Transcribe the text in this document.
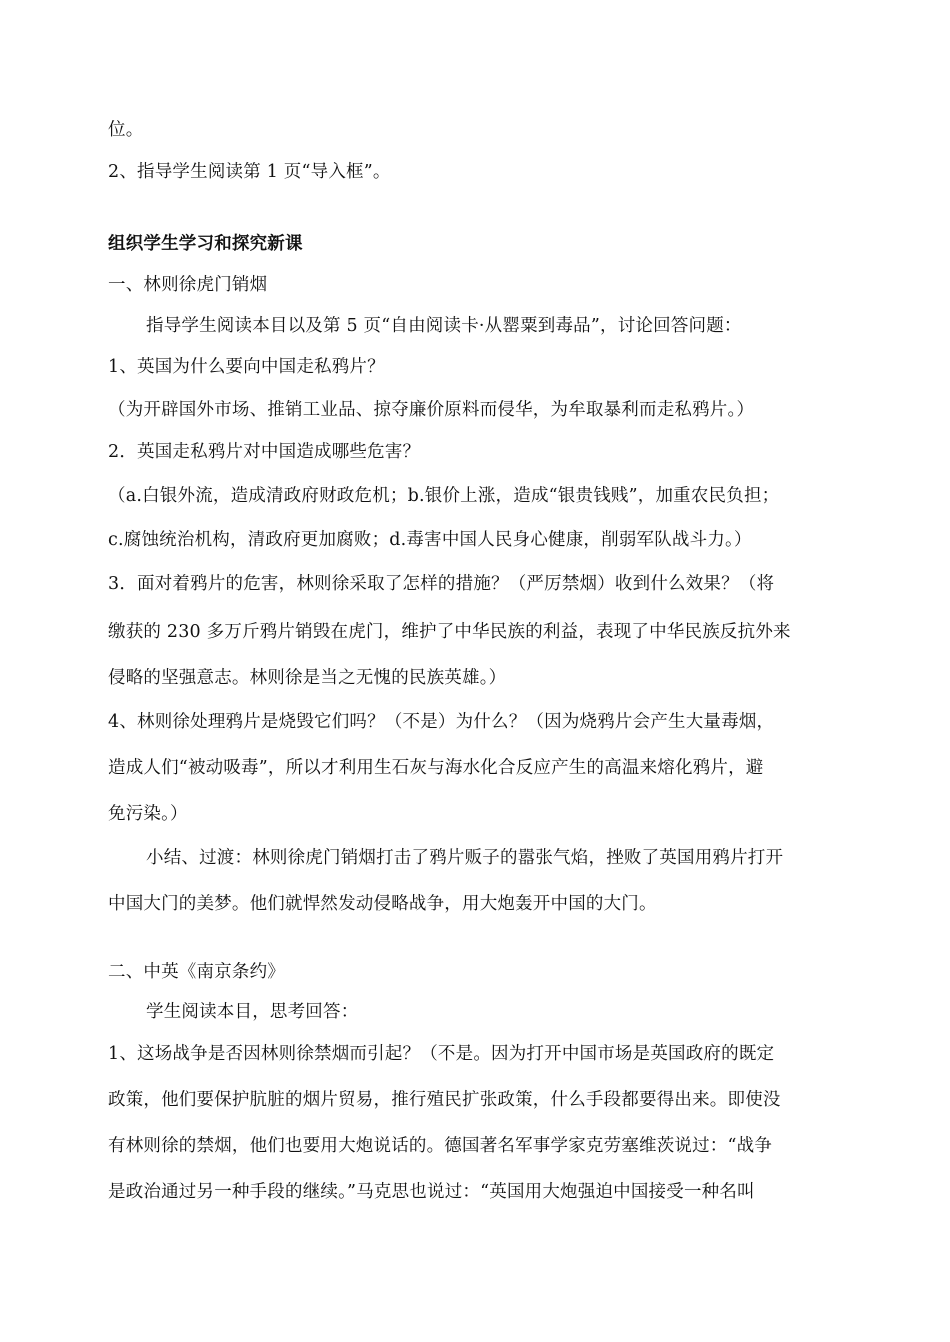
位。
2、指导学生阅读第 1 页“导入框”。
组织学生学习和探究新课
一、林则徐虎门销烟
指导学生阅读本目以及第 5 页“自由阅读卡·从罂粟到毒品”，讨论回答问题：
1、英国为什么要向中国走私鸦片？
（为开辟国外市场、推销工业品、掠夺廉价原料而侵华，为牟取暴利而走私鸦片。）
2．英国走私鸦片对中国造成哪些危害？
（a.白银外流，造成清政府财政危机；b.银价上涨，造成“银贵钱贱”，加重农民负担；
c.腐蚀统治机构，清政府更加腐败；d.毒害中国人民身心健康，削弱军队战斗力。）
3．面对着鸦片的危害，林则徐采取了怎样的措施？（严厉禁烟）收到什么效果？（将
缴获的 230 多万斤鸦片销毁在虎门，维护了中华民族的利益，表现了中华民族反抗外来
侵略的坚强意志。林则徐是当之无愧的民族英雄。）
4、林则徐处理鸦片是烧毁它们吗？（不是）为什么？（因为烧鸦片会产生大量毒烟，
造成人们“被动吸毒”，所以才利用生石灰与海水化合反应产生的高温来熔化鸦片，避
免污染。）
小结、过渡：林则徐虎门销烟打击了鸦片贩子的嚣张气焰，挫败了英国用鸦片打开
中国大门的美梦。他们就悍然发动侵略战争，用大炮轰开中国的大门。
二、中英《南京条约》
学生阅读本目，思考回答：
1、这场战争是否因林则徐禁烟而引起？（不是。因为打开中国市场是英国政府的既定
政策，他们要保护肮脏的烟片贸易，推行殖民扩张政策，什么手段都要得出来。即使没
有林则徐的禁烟，他们也要用大炮说话的。德国著名军事学家克劳塞维茨说过：“战争
是政治通过另一种手段的继续。”马克思也说过：“英国用大炮强迫中国接受一种名叫
